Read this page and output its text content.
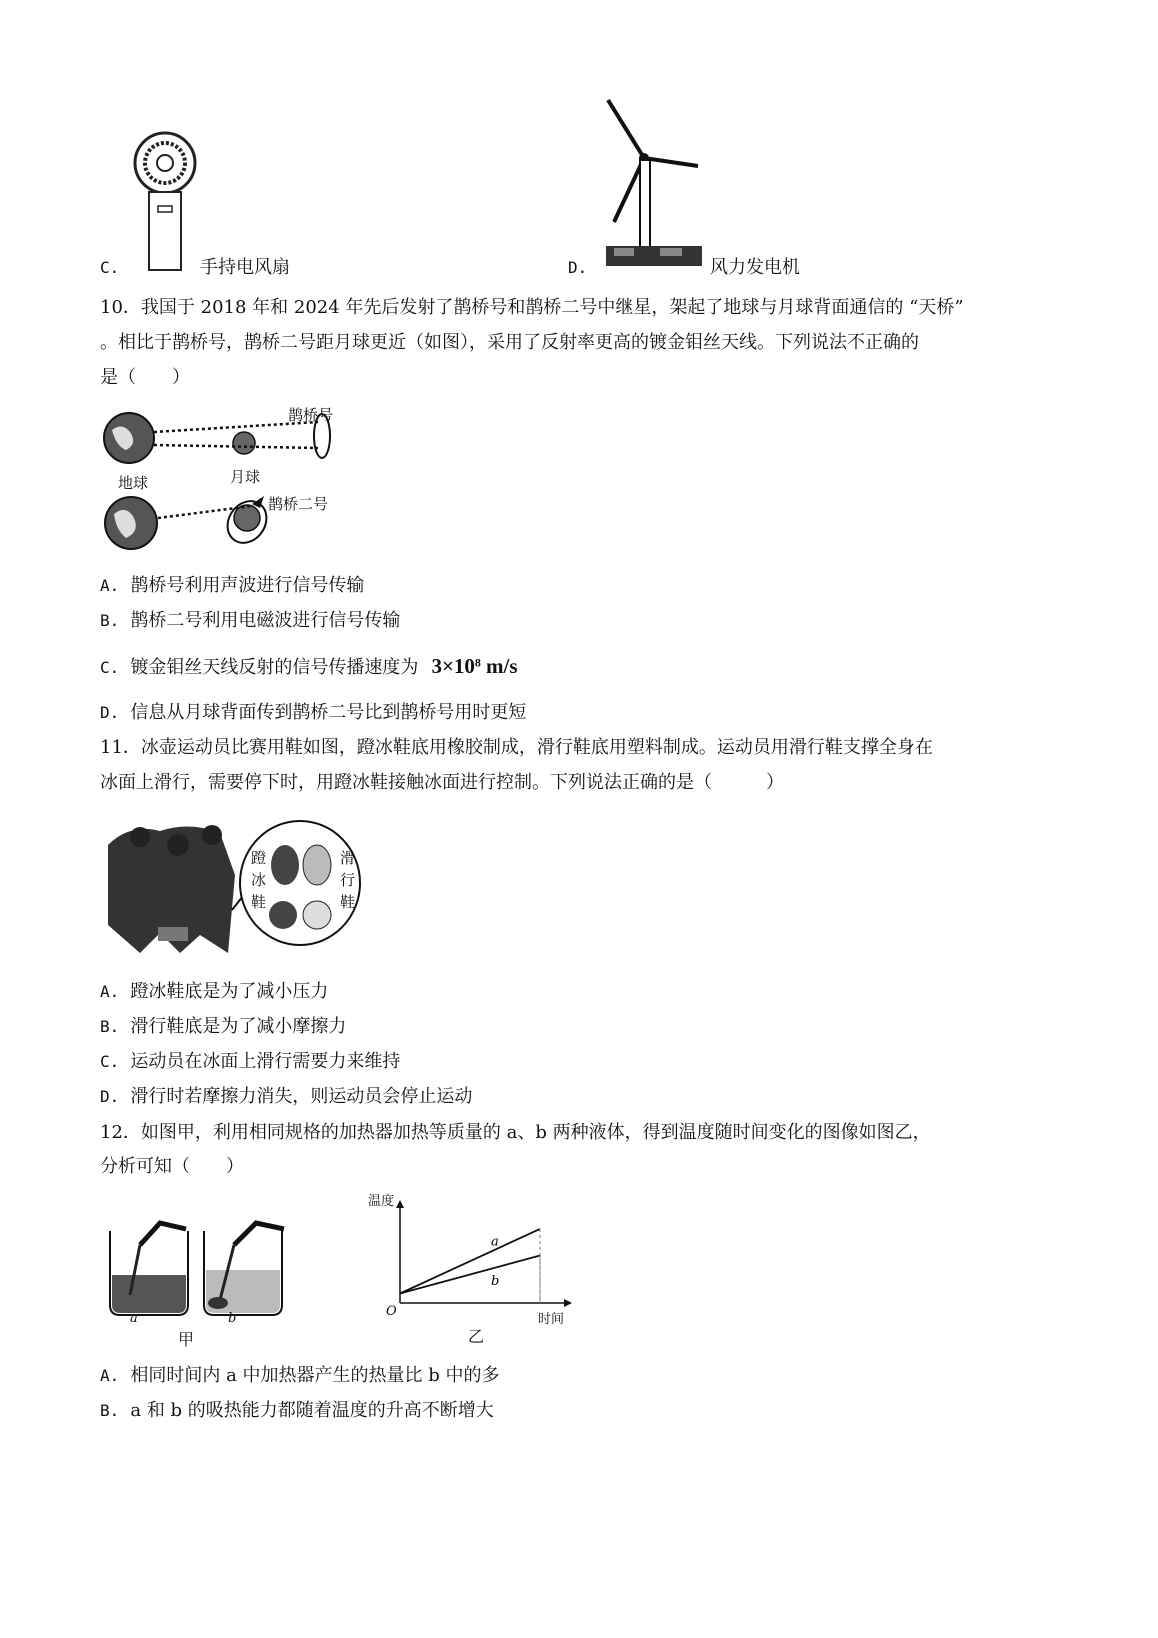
C.	手持电风扇	D.	风力发电机
10．我国于 2018 年和 2024 年先后发射了鹊桥号和鹊桥二号中继星，架起了地球与月球背面通信的 “天桥”
。相比于鹊桥号，鹊桥二号距月球更近（如图），采用了反射率更高的镀金钼丝天线。下列说法不正确的
是（　　）
鹊桥号
月球
地球
鹊桥二号
A. 鹊桥号利用声波进行信号传输
B. 鹊桥二号利用电磁波进行信号传输
C. 镀金钼丝天线反射的信号传播速度为 $3\times 10^8$ m/s
D. 信息从月球背面传到鹊桥二号比到鹊桥号用时更短
11．冰壶运动员比赛用鞋如图，蹬冰鞋底用橡胶制成，滑行鞋底用塑料制成。运动员用滑行鞋支撑全身在
冰面上滑行，需要停下时，用蹬冰鞋接触冰面进行控制。下列说法正确的是（　　　）
蹬冰鞋
滑行鞋
A. 蹬冰鞋底是为了减小压力
B. 滑行鞋底是为了减小摩擦力
C. 运动员在冰面上滑行需要力来维持
D. 滑行时若摩擦力消失，则运动员会停止运动
12．如图甲，利用相同规格的加热器加热等质量的 a、b 两种液体，得到温度随时间变化的图像如图乙，
分析可知（　　）
a	b
甲
a
b
温度
时间
O
乙
A. 相同时间内 a 中加热器产生的热量比 b 中的多
B. a 和 b 的吸热能力都随着温度的升高不断增大
